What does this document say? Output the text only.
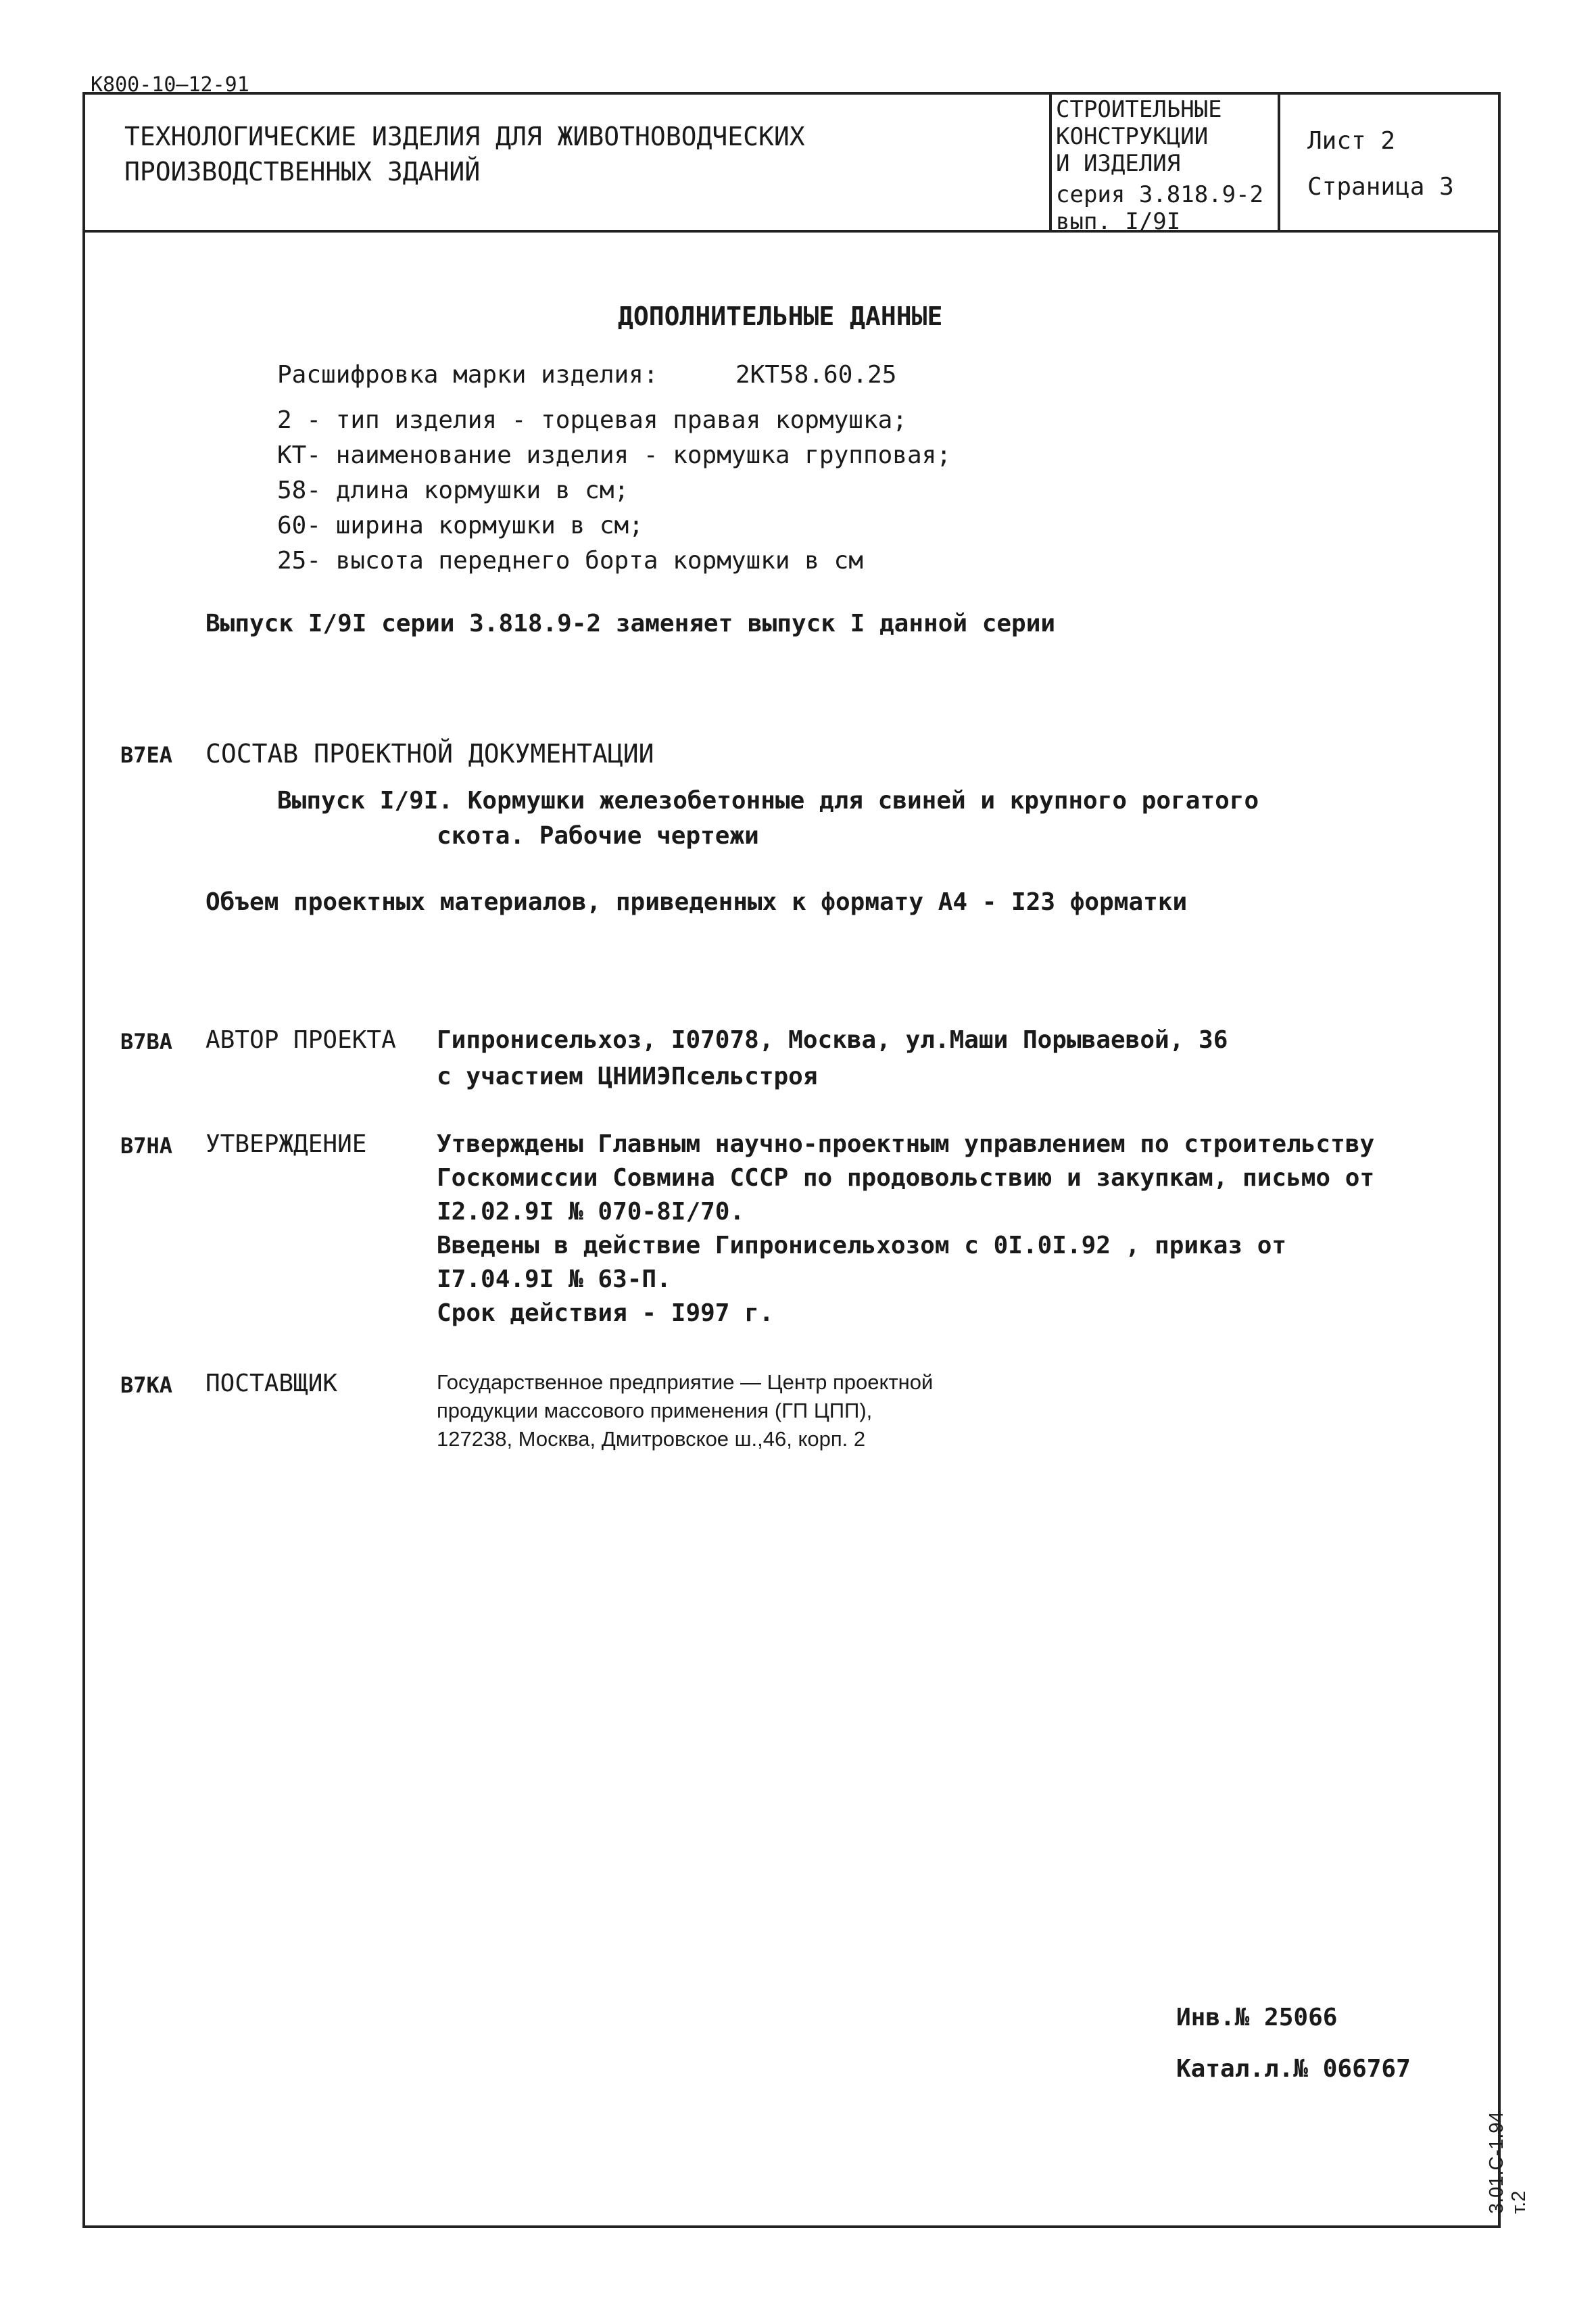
К800-10—12-91
ТЕХНОЛОГИЧЕСКИЕ ИЗДЕЛИЯ ДЛЯ ЖИВОТНОВОДЧЕСКИХ
ПРОИЗВОДСТВЕННЫХ ЗДАНИЙ
СТРОИТЕЛЬНЫЕ
КОНСТРУКЦИИ
И ИЗДЕЛИЯ
серия 3.818.9-2
вып. I/9I
Лист 2
Страница 3
ДОПОЛНИТЕЛЬНЫЕ ДАННЫЕ
Расшифровка марки изделия:	2КТ58.60.25
2 - тип изделия - торцевая правая кормушка;
КТ- наименование изделия - кормушка групповая;
58- длина кормушки в см;
60- ширина кормушки в см;
25- высота переднего борта кормушки в см
Выпуск I/9I серии 3.818.9-2 заменяет выпуск I данной серии
В7ЕА СОСТАВ ПРОЕКТНОЙ ДОКУМЕНТАЦИИ
Выпуск I/9I. Кормушки железобетонные для свиней и крупного рогатого
скота. Рабочие чертежи
Объем проектных материалов, приведенных к формату А4 - I23 форматки
В7ВА АВТОР ПРОЕКТА Гипронисельхоз, I07078, Москва, ул.Маши Порываевой, 36
с участием ЦНИИЭПсельстроя
В7НА УТВЕРЖДЕНИЕ	Утверждены Главным научно-проектным управлением по строительству
Госкомиссии Совмина СССР по продовольствию и закупкам, письмо от
I2.02.9I № 070-8I/70.
Введены в действие Гипронисельхозом с 0I.0I.92 , приказ от
I7.04.9I № 63-П.
Срок действия - I997 г.
В7КА ПОСТАВЩИК	Государственное предприятие — Центр проектной
продукции массового применения (ГП ЦПП),
127238, Москва, Дмитровское ш.,46, корп. 2
Инв.№ 25066
Катал.л.№ 066767
3.01.С-1.94 т.2
